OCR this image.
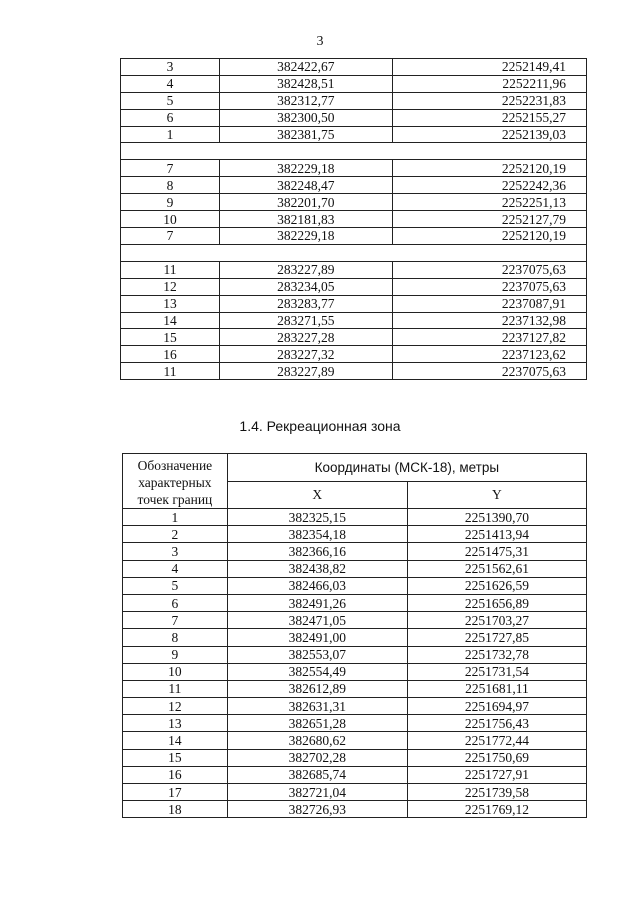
3
3	382422,67	2252149,41
4	382428,51	2252211,96
5	382312,77	2252231,83
6	382300,50	2252155,27
1	382381,75	2252139,03

7	382229,18	2252120,19
8	382248,47	2252242,36
9	382201,70	2252251,13
10	382181,83	2252127,79
7	382229,18	2252120,19

11	283227,89	2237075,63
12	283234,05	2237075,63
13	283283,77	2237087,91
14	283271,55	2237132,98
15	283227,28	2237127,82
16	283227,32	2237123,62
11	283227,89	2237075,63
1.4. Рекреационная зона
Обозначение
характерных
точек границ	Координаты (МСК-18), метры	
	X	Y
1	382325,15	2251390,70
2	382354,18	2251413,94
3	382366,16	2251475,31
4	382438,82	2251562,61
5	382466,03	2251626,59
6	382491,26	2251656,89
7	382471,05	2251703,27
8	382491,00	2251727,85
9	382553,07	2251732,78
10	382554,49	2251731,54
11	382612,89	2251681,11
12	382631,31	2251694,97
13	382651,28	2251756,43
14	382680,62	2251772,44
15	382702,28	2251750,69
16	382685,74	2251727,91
17	382721,04	2251739,58
18	382726,93	2251769,12
